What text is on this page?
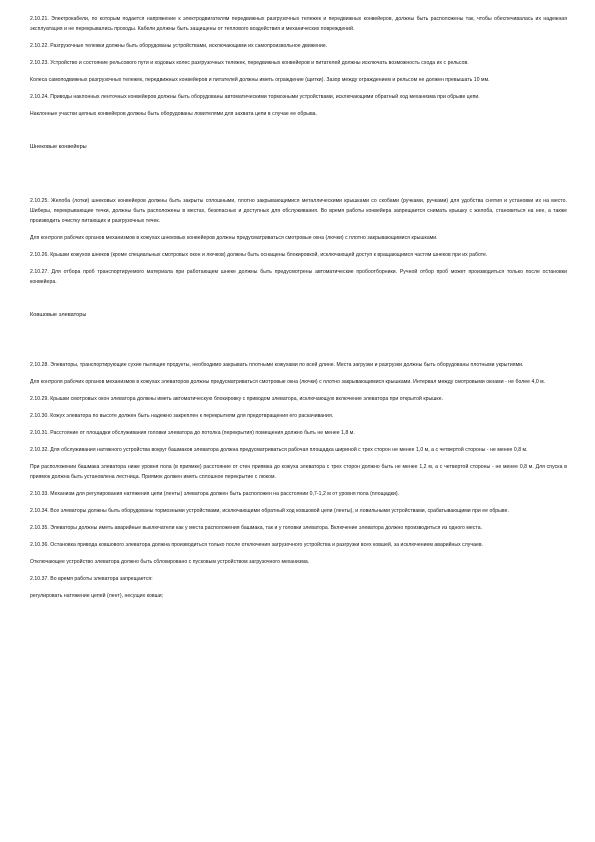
2.10.21. Электрокабели, по которым подается напряжение к электродвигателям передвижных разгрузочных тележек и передвижных конвейеров, должны быть расположены так, чтобы обеспечивалась их надежная эксплуатация и не перекрывались проходы. Кабели должны быть защищены от теплового воздействия и механических повреждений.

2.10.22. Разгрузочные тележки должны быть оборудованы устройствами, исключающими их самопроизвольное движение.

2.10.23. Устройство и состояние рельсового пути и ходовых колес разгрузочных тележек, передвижных конвейеров и питателей должны исключать возможность схода их с рельсов.

Колеса самоподвижных разгрузочных тележек, передвижных конвейеров и питателей должны иметь ограждение (щитки). Зазор между ограждением и рельсом не должен превышать 10 мм.

2.10.24. Приводы наклонных ленточных конвейеров должны быть оборудованы автоматическими тормозными устройствами, исключающими обратный ход механизма при обрыве цепи.

Наклонные участки цепных конвейеров должны быть оборудованы ловителями для захвата цепи в случае ее обрыва.

Шнековые конвейеры

2.10.25. Желоба (лотки) шнековых конвейеров должны быть закрыты сплошными, плотно закрывающимися металлическими крышками со скобами (ручками, ручками) для удобства снятия и установки их на место. Шиберы, перекрывающие течки, должны быть расположены в местах, безопасных и доступных для обслуживания. Во время работы конвейера запрещается снимать крышку с желоба, становиться на нее, а также производить очистку питающих и разгрузочных течек.

Для контроля рабочих органов механизмов в кожухах шнековых конвейеров должны предусматриваться смотровые окна (лючки) с плотно закрывающимися крышками.

2.10.26. Крышки кожухов шнеков (кроме специальных смотровых окон и лючков) должны быть оснащены блокировкой, исключающей доступ к вращающимся частям шнеков при их работе.

2.10.27. Для отбора проб транспортируемого материала при работающем шнеке должны быть предусмотрены автоматические пробоотборники. Ручной отбор проб может производиться только после остановки конвейера.

Ковшовые элеваторы

2.10.28. Элеваторы, транспортирующие сухие пылящие продукты, необходимо закрывать плотными кожухами по всей длине. Места загрузки и разгрузки должны быть оборудованы плотными укрытиями.

Для контроля рабочих органов механизмов в кожухах элеваторов должны предусматриваться смотровые окна (лючки) с плотно закрывающимися крышками. Интервал между смотровыми окнами - не более 4,0 м.

2.10.29. Крышки смотровых окон элеватора должны иметь автоматическую блокировку с приводом элеватора, исключающую включение элеватора при открытой крышке.

2.10.30. Кожух элеватора по высоте должен быть надежно закреплен к перекрытиям для предотвращения его раскачивания.

2.10.31. Расстояние от площадки обслуживания головки элеватора до потолка (перекрытия) помещения должно быть не менее 1,8 м.

2.10.32. Для обслуживания натяжного устройства вокруг башмаков элеватора должна предусматриваться рабочая площадка шириной с трех сторон не менее 1,0 м, а с четвертой стороны - не менее 0,8 м.

При расположении башмака элеватора ниже уровня пола (в приямке) расстояние от стен приямка до кожуха элеватора с трех сторон должно быть не менее 1,2 м, а с четвертой стороны - не менее 0,8 м. Для спуска в приямок должна быть установлена лестница. Приямок должен иметь сплошное перекрытие с люком.

2.10.33. Механизм для регулирования натяжения цепи (ленты) элеватора должен быть расположен на расстоянии 0,7-1,2 м от уровня пола (площадки).

2.10.34. Все элеваторы должны быть оборудованы тормозными устройствами, исключающими обратный ход ковшовой цепи (ленты), и ловильными устройствами, срабатывающими при ее обрыве.

2.10.35. Элеваторы должны иметь аварийные выключатели как у места расположения башмака, так и у головки элеватора. Включение элеватора должно производиться из одного места.

2.10.36. Остановка привода ковшового элеватора должна производиться только после отключения загрузочного устройства и разгрузки всех ковшей, за исключением аварийных случаев.

Отключающее устройство элеватора должно быть сблокировано с пусковым устройством загрузочного механизма.

2.10.37. Во время работы элеватора запрещается:

регулировать натяжение цепей (лент), несущих ковши;
